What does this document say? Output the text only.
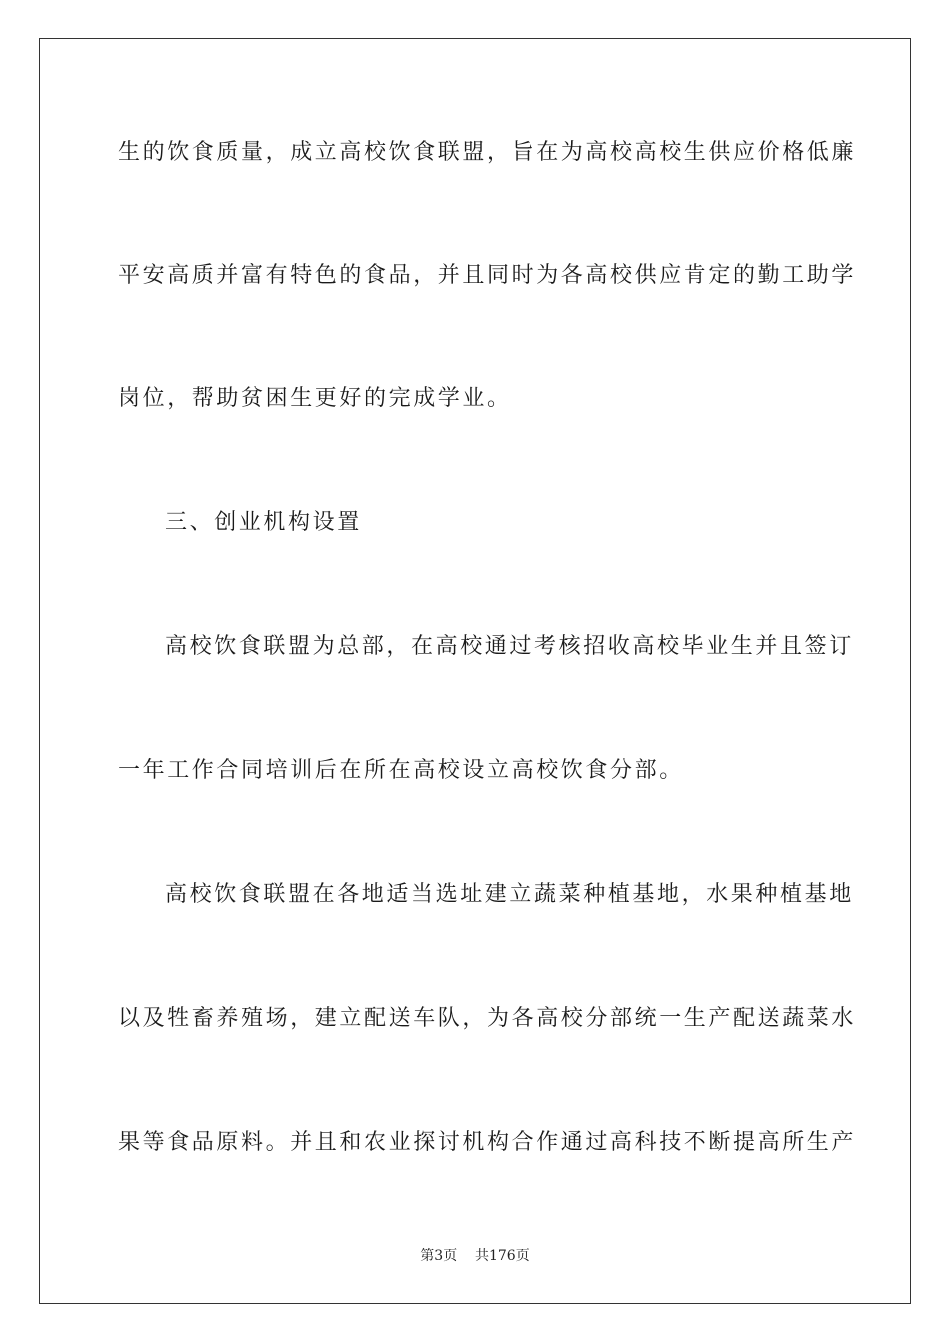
生的饮食质量，成立高校饮食联盟，旨在为高校高校生供应价格低廉
平安高质并富有特色的食品，并且同时为各高校供应肯定的勤工助学
岗位，帮助贫困生更好的完成学业。
三、创业机构设置
高校饮食联盟为总部，在高校通过考核招收高校毕业生并且签订
一年工作合同培训后在所在高校设立高校饮食分部。
高校饮食联盟在各地适当选址建立蔬菜种植基地，水果种植基地
以及牲畜养殖场，建立配送车队，为各高校分部统一生产配送蔬菜水
果等食品原料。并且和农业探讨机构合作通过高科技不断提高所生产
第3页    共176页
